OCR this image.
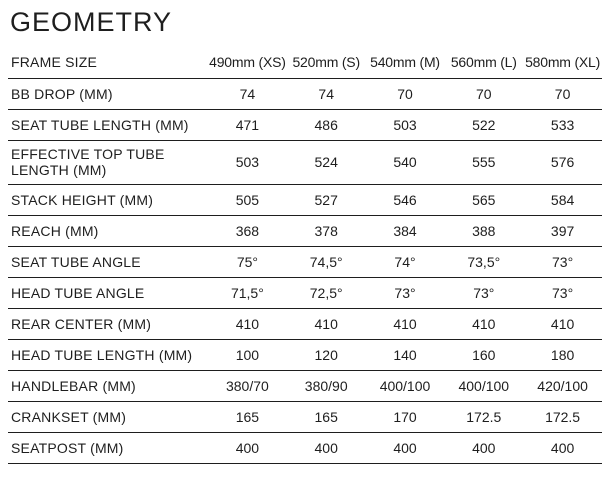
GEOMETRY
FRAME SIZE	490mm (XS)	520mm (S)	540mm (M)	560mm (L)	580mm (XL)
BB DROP (MM)	74	74	70	70	70
SEAT TUBE LENGTH (MM)	471	486	503	522	533
EFFECTIVE TOP TUBE LENGTH (MM)	503	524	540	555	576
STACK HEIGHT (MM)	505	527	546	565	584
REACH (MM)	368	378	384	388	397
SEAT TUBE ANGLE	75°	74,5°	74°	73,5°	73°
HEAD TUBE ANGLE	71,5°	72,5°	73°	73°	73°
REAR CENTER (MM)	410	410	410	410	410
HEAD TUBE LENGTH (MM)	100	120	140	160	180
HANDLEBAR (MM)	380/70	380/90	400/100	400/100	420/100
CRANKSET (MM)	165	165	170	172.5	172.5
SEATPOST (MM)	400	400	400	400	400
